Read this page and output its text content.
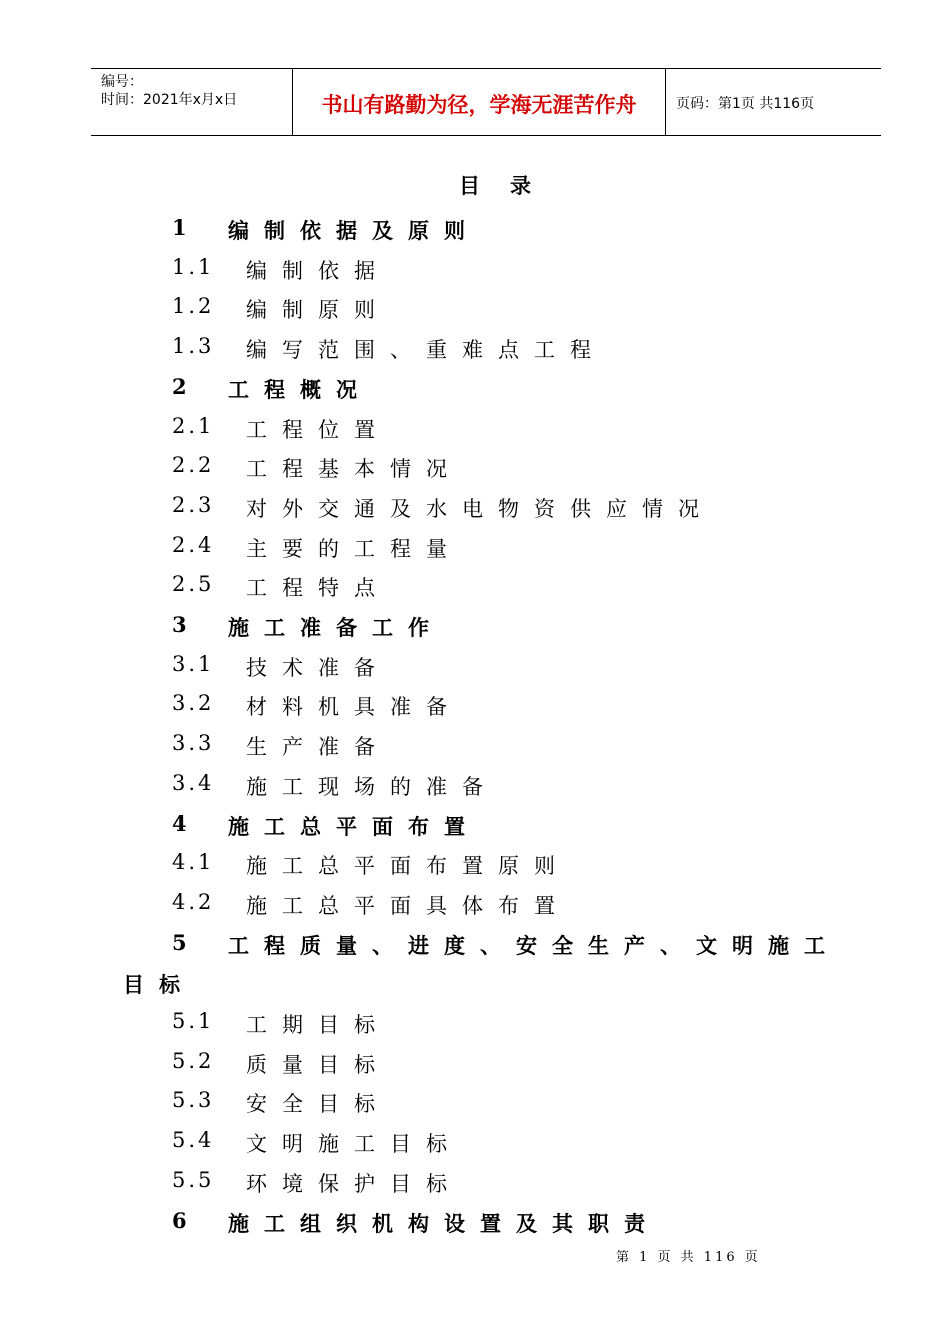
编号：
时间：2021年x月x日	书山有路勤为径，学海无涯苦作舟	页码：第1页 共116页
目录
1 编制依据及原则
1.1 编制依据
1.2 编制原则
1.3 编写范围、重难点工程
2 工程概况
2.1 工程位置
2.2 工程基本情况
2.3 对外交通及水电物资供应情况
2.4 主要的工程量
2.5 工程特点
3 施工准备工作
3.1 技术准备
3.2 材料机具准备
3.3 生产准备
3.4 施工现场的准备
4 施工总平面布置
4.1 施工总平面布置原则
4.2 施工总平面具体布置
5 工程质量、进度、安全生产、文明施工
目标
5.1 工期目标
5.2 质量目标
5.3 安全目标
5.4 文明施工目标
5.5 环境保护目标
6 施工组织机构设置及其职责
第 1 页 共 116 页
